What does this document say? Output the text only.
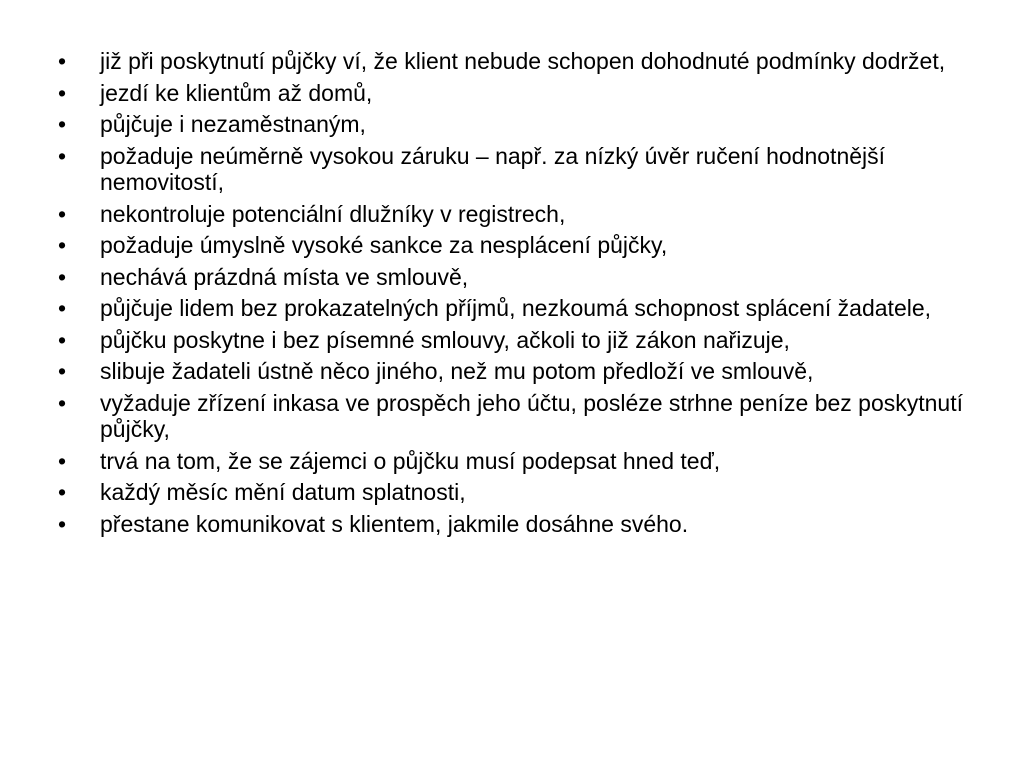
•	již při poskytnutí půjčky ví, že klient nebude schopen dohodnuté podmínky dodržet,
•	jezdí ke klientům až domů,
•	půjčuje i nezaměstnaným,
•	požaduje neúměrně vysokou záruku – např. za nízký úvěr ručení hodnotnější nemovitostí,
•	nekontroluje potenciální dlužníky v registrech,
•	požaduje úmyslně vysoké sankce za nesplácení půjčky,
•	nechává prázdná místa ve smlouvě,
•	půjčuje lidem bez prokazatelných příjmů, nezkoumá schopnost splácení žadatele,
•	půjčku poskytne i bez písemné smlouvy, ačkoli to již zákon nařizuje,
•	slibuje žadateli ústně něco jiného, než mu potom předloží ve smlouvě,
•	vyžaduje zřízení inkasa ve prospěch jeho účtu, posléze strhne peníze bez poskytnutí půjčky,
•	trvá na tom, že se zájemci o půjčku musí podepsat hned teď,
•	každý měsíc mění datum splatnosti,
•	přestane komunikovat s klientem, jakmile dosáhne svého.
